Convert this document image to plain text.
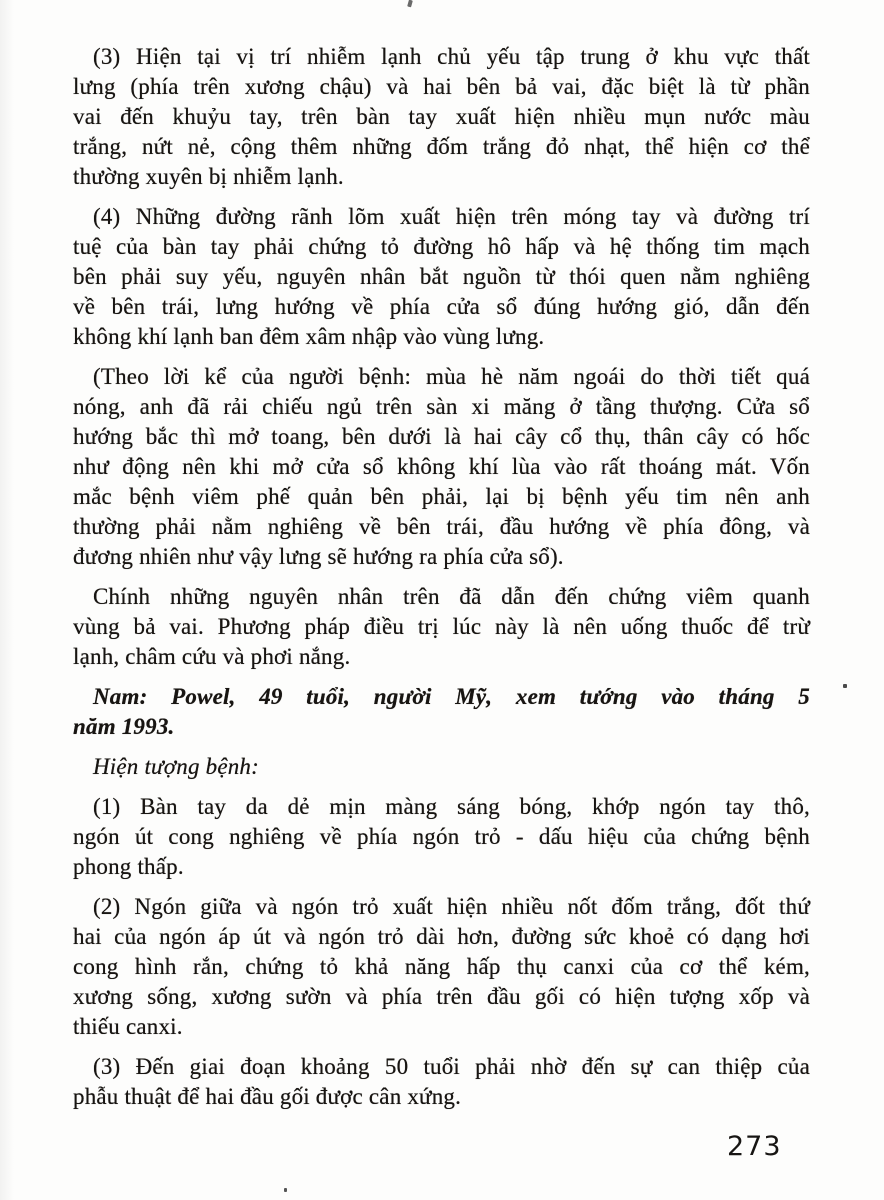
(3) Hiện tại vị trí nhiễm lạnh chủ yếu tập trung ở khu vực thất
lưng (phía trên xương chậu) và hai bên bả vai, đặc biệt là từ phần
vai đến khuỷu tay, trên bàn tay xuất hiện nhiều mụn nước màu
trắng, nứt nẻ, cộng thêm những đốm trắng đỏ nhạt, thể hiện cơ thể
thường xuyên bị nhiễm lạnh.
(4) Những đường rãnh lõm xuất hiện trên móng tay và đường trí
tuệ của bàn tay phải chứng tỏ đường hô hấp và hệ thống tim mạch
bên phải suy yếu, nguyên nhân bắt nguồn từ thói quen nằm nghiêng
về bên trái, lưng hướng về phía cửa sổ đúng hướng gió, dẫn đến
không khí lạnh ban đêm xâm nhập vào vùng lưng.
(Theo lời kể của người bệnh: mùa hè năm ngoái do thời tiết quá
nóng, anh đã rải chiếu ngủ trên sàn xi măng ở tầng thượng. Cửa sổ
hướng bắc thì mở toang, bên dưới là hai cây cổ thụ, thân cây có hốc
như động nên khi mở cửa sổ không khí lùa vào rất thoáng mát. Vốn
mắc bệnh viêm phế quản bên phải, lại bị bệnh yếu tim nên anh
thường phải nằm nghiêng về bên trái, đầu hướng về phía đông, và
đương nhiên như vậy lưng sẽ hướng ra phía cửa sổ).
Chính những nguyên nhân trên đã dẫn đến chứng viêm quanh
vùng bả vai. Phương pháp điều trị lúc này là nên uống thuốc để trừ
lạnh, châm cứu và phơi nắng.
Nam: Powel, 49 tuổi, người Mỹ, xem tướng vào tháng 5
năm 1993.
Hiện tượng bệnh:
(1) Bàn tay da dẻ mịn màng sáng bóng, khớp ngón tay thô,
ngón út cong nghiêng về phía ngón trỏ - dấu hiệu của chứng bệnh
phong thấp.
(2) Ngón giữa và ngón trỏ xuất hiện nhiều nốt đốm trắng, đốt thứ
hai của ngón áp út và ngón trỏ dài hơn, đường sức khoẻ có dạng hơi
cong hình rắn, chứng tỏ khả năng hấp thụ canxi của cơ thể kém,
xương sống, xương sườn và phía trên đầu gối có hiện tượng xốp và
thiếu canxi.
(3) Đến giai đoạn khoảng 50 tuổi phải nhờ đến sự can thiệp của
phẫu thuật để hai đầu gối được cân xứng.
273
